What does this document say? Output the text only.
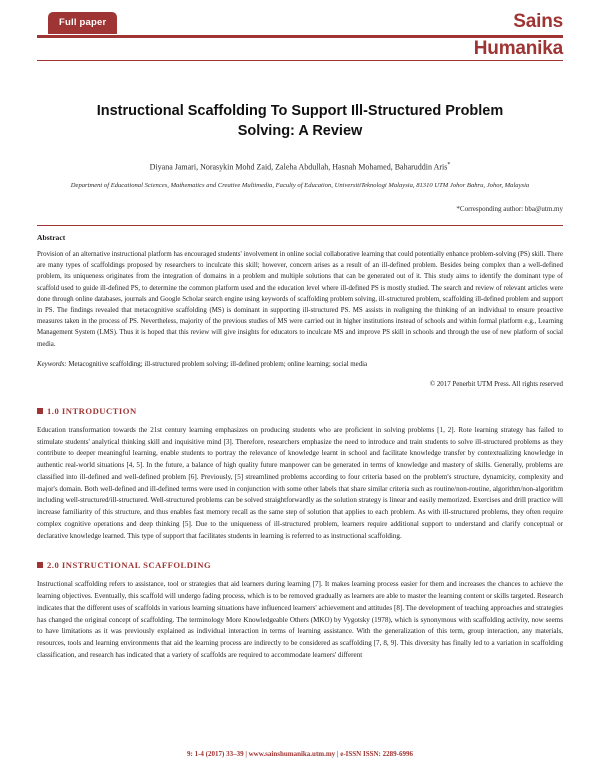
Full paper	Sains
Humanika
Instructional Scaffolding To Support Ill-Structured Problem Solving: A Review
Diyana Jamari, Norasykin Mohd Zaid, Zaleha Abdullah, Hasnah Mohamed, Baharuddin Aris*
Department of Educational Sciences, Mathematics and Creative Multimedia, Faculty of Education, UniversitiTeknologi Malaysia, 81310 UTM Johor Bahru, Johor, Malaysia
*Corresponding author: bba@utm.my
Abstract
Provision of an alternative instructional platform has encouraged students' involvement in online social collaborative learning that could potentially enhance problem-solving (PS) skill. There are many types of scaffoldings proposed by researchers to inculcate this skill; however, concern arises as a result of an ill-defined problem. Besides being complex than a well-defined problem, its uniqueness originates from the integration of domains in a problem and multiple solutions that can be generated out of it. This study aims to identify the dominant type of scaffold used to guide ill-defined PS, to determine the common platform used and the education level where ill-defined PS is mostly studied. The search and review of relevant articles were done through online databases, journals and Google Scholar search engine using keywords of scaffolding problem solving, ill-structured problem, scaffolding ill-defined problem and support in PS. The findings revealed that metacognitive scaffolding (MS) is dominant in supporting ill-structured PS. MS assists in realigning the thinking of an individual to ensure proactive measures taken in the process of PS. Nevertheless, majority of the previous studies of MS were carried out in higher institutions instead of schools and within formal platform e.g., Learning Management System (LMS). Thus it is hoped that this review will give insights for educators to inculcate MS and improve PS skill in schools and through the use of new platform of social media.
Keywords: Metacognitive scaffolding; ill-structured problem solving; ill-defined problem; online learning; social media
© 2017 Penerbit UTM Press. All rights reserved
1.0 INTRODUCTION

Education transformation towards the 21st century learning emphasizes on producing students who are proficient in solving problems [1, 2]. Rote learning strategy has failed to stimulate students' analytical thinking skill and inquisitive mind [3]. Therefore, researchers emphasize the need to introduce and train students to solve ill-structured problems as they contribute to deeper meaningful learning, enable students to portray the relevance of knowledge learnt in school and facilitate knowledge transfer by contextualizing knowledge in authentic real-world situations [4, 5]. In the future, a balance of high quality future manpower can be generated in terms of knowledge and mastery of skills. Generally, problems are classified into ill-defined and well-defined problem [6]. Previously, [5] streamlined problems according to four criteria based on the problem's structure, dynamicity, complexity and major's domain. Both well-defined and ill-defined terms were used in conjunction with some other labels that share similar criteria such as routine/non-routine, algorithm/non-algorithm including well-structured/ill-structured. Well-structured problems can be solved straightforwardly as the solution strategy is linear and easily memorized. Exercises and drill practice will increase familiarity of this structure, and thus enables fast memory recall as the same step of solution that applies to each problem. As with ill-structured problems, they often require complex cognitive operations and deep thinking [5]. Due to the uniqueness of ill-structured problem, learners require additional support to understand and clarify conceptual or declarative knowledge learned. This type of support that facilitates students in learning is referred to as instructional scaffolding.

2.0 INSTRUCTIONAL SCAFFOLDING

Instructional scaffolding refers to assistance, tool or strategies that aid learners during learning [7]. It makes learning process easier for them and increases the chances to achieve the learning objectives. Eventually, this scaffold will undergo fading process, which is to be removed gradually as learners are able to master the learning content or skills targeted. Research indicates that the different uses of scaffolds in various learning situations have influenced learners' achievement and attitudes [8]. The development of teaching approaches and strategies has changed the original concept of scaffolding. The terminology More Knowledgeable Others (MKO) by Vygotsky (1978), which is synonymous with scaffolding activity, now seems to have limitations as it was previously explained as individual interaction in terms of learning assistance. With the generalization of this term, group interaction, any materials, resources, tools and learning environments that aid the learning process are indirectly to be considered as scaffolding [7, 8, 9]. This diversity has finally led to a variation in scaffolding classification, and research has indicated that a variety of scaffolds are required to accommodate learners' different

9: 1-4 (2017) 33–39 | www.sainshumanika.utm.my | e-ISSN ISSN: 2289-6996
